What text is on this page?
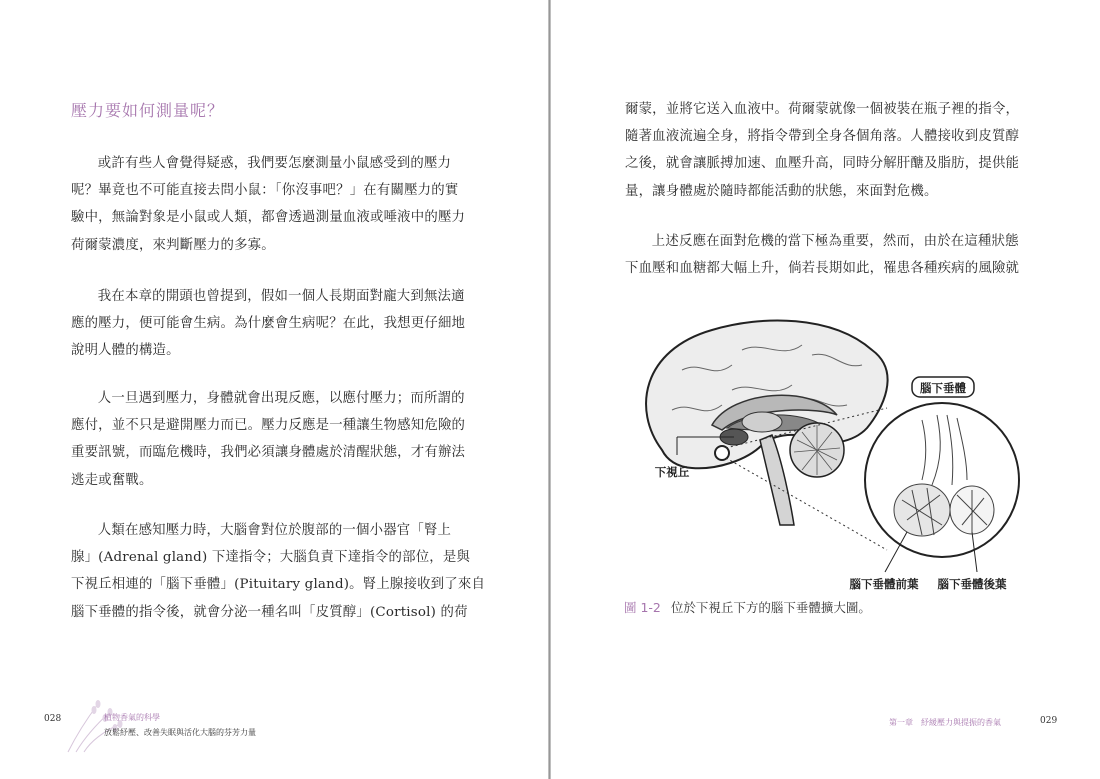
壓力要如何測量呢？

或許有些人會覺得疑惑，我們要怎麼測量小鼠感受到的壓力
呢？畢竟也不可能直接去問小鼠：「你沒事吧？」在有關壓力的實
驗中，無論對象是小鼠或人類，都會透過測量血液或唾液中的壓力
荷爾蒙濃度，來判斷壓力的多寡。

我在本章的開頭也曾提到，假如一個人長期面對龐大到無法適
應的壓力，便可能會生病。為什麼會生病呢？在此，我想更仔細地
說明人體的構造。

人一旦遇到壓力，身體就會出現反應，以應付壓力；而所謂的
應付，並不只是避開壓力而已。壓力反應是一種讓生物感知危險的
重要訊號，而臨危機時，我們必須讓身體處於清醒狀態，才有辦法
逃走或奮戰。

人類在感知壓力時，大腦會對位於腹部的一個小器官「腎上
腺」(Adrenal gland) 下達指令；大腦負責下達指令的部位，是與
下視丘相連的「腦下垂體」(Pituitary gland)。腎上腺接收到了來自
腦下垂體的指令後，就會分泌一種名叫「皮質醇」(Cortisol) 的荷

028	植物香氣的科學
放鬆紓壓、改善失眠與活化大腦的芬芳力量

爾蒙，並將它送入血液中。荷爾蒙就像一個被裝在瓶子裡的指令，
隨著血液流遍全身，將指令帶到全身各個角落。人體接收到皮質醇
之後，就會讓脈搏加速、血壓升高，同時分解肝醣及脂肪，提供能
量，讓身體處於隨時都能活動的狀態，來面對危機。

上述反應在面對危機的當下極為重要，然而，由於在這種狀態
下血壓和血糖都大幅上升，倘若長期如此，罹患各種疾病的風險就

腦下垂體
下視丘
腦下垂體前葉 腦下垂體後葉
圖 1-2 位於下視丘下方的腦下垂體擴大圖。
第一章　紓緩壓力與提振的香氣	029
